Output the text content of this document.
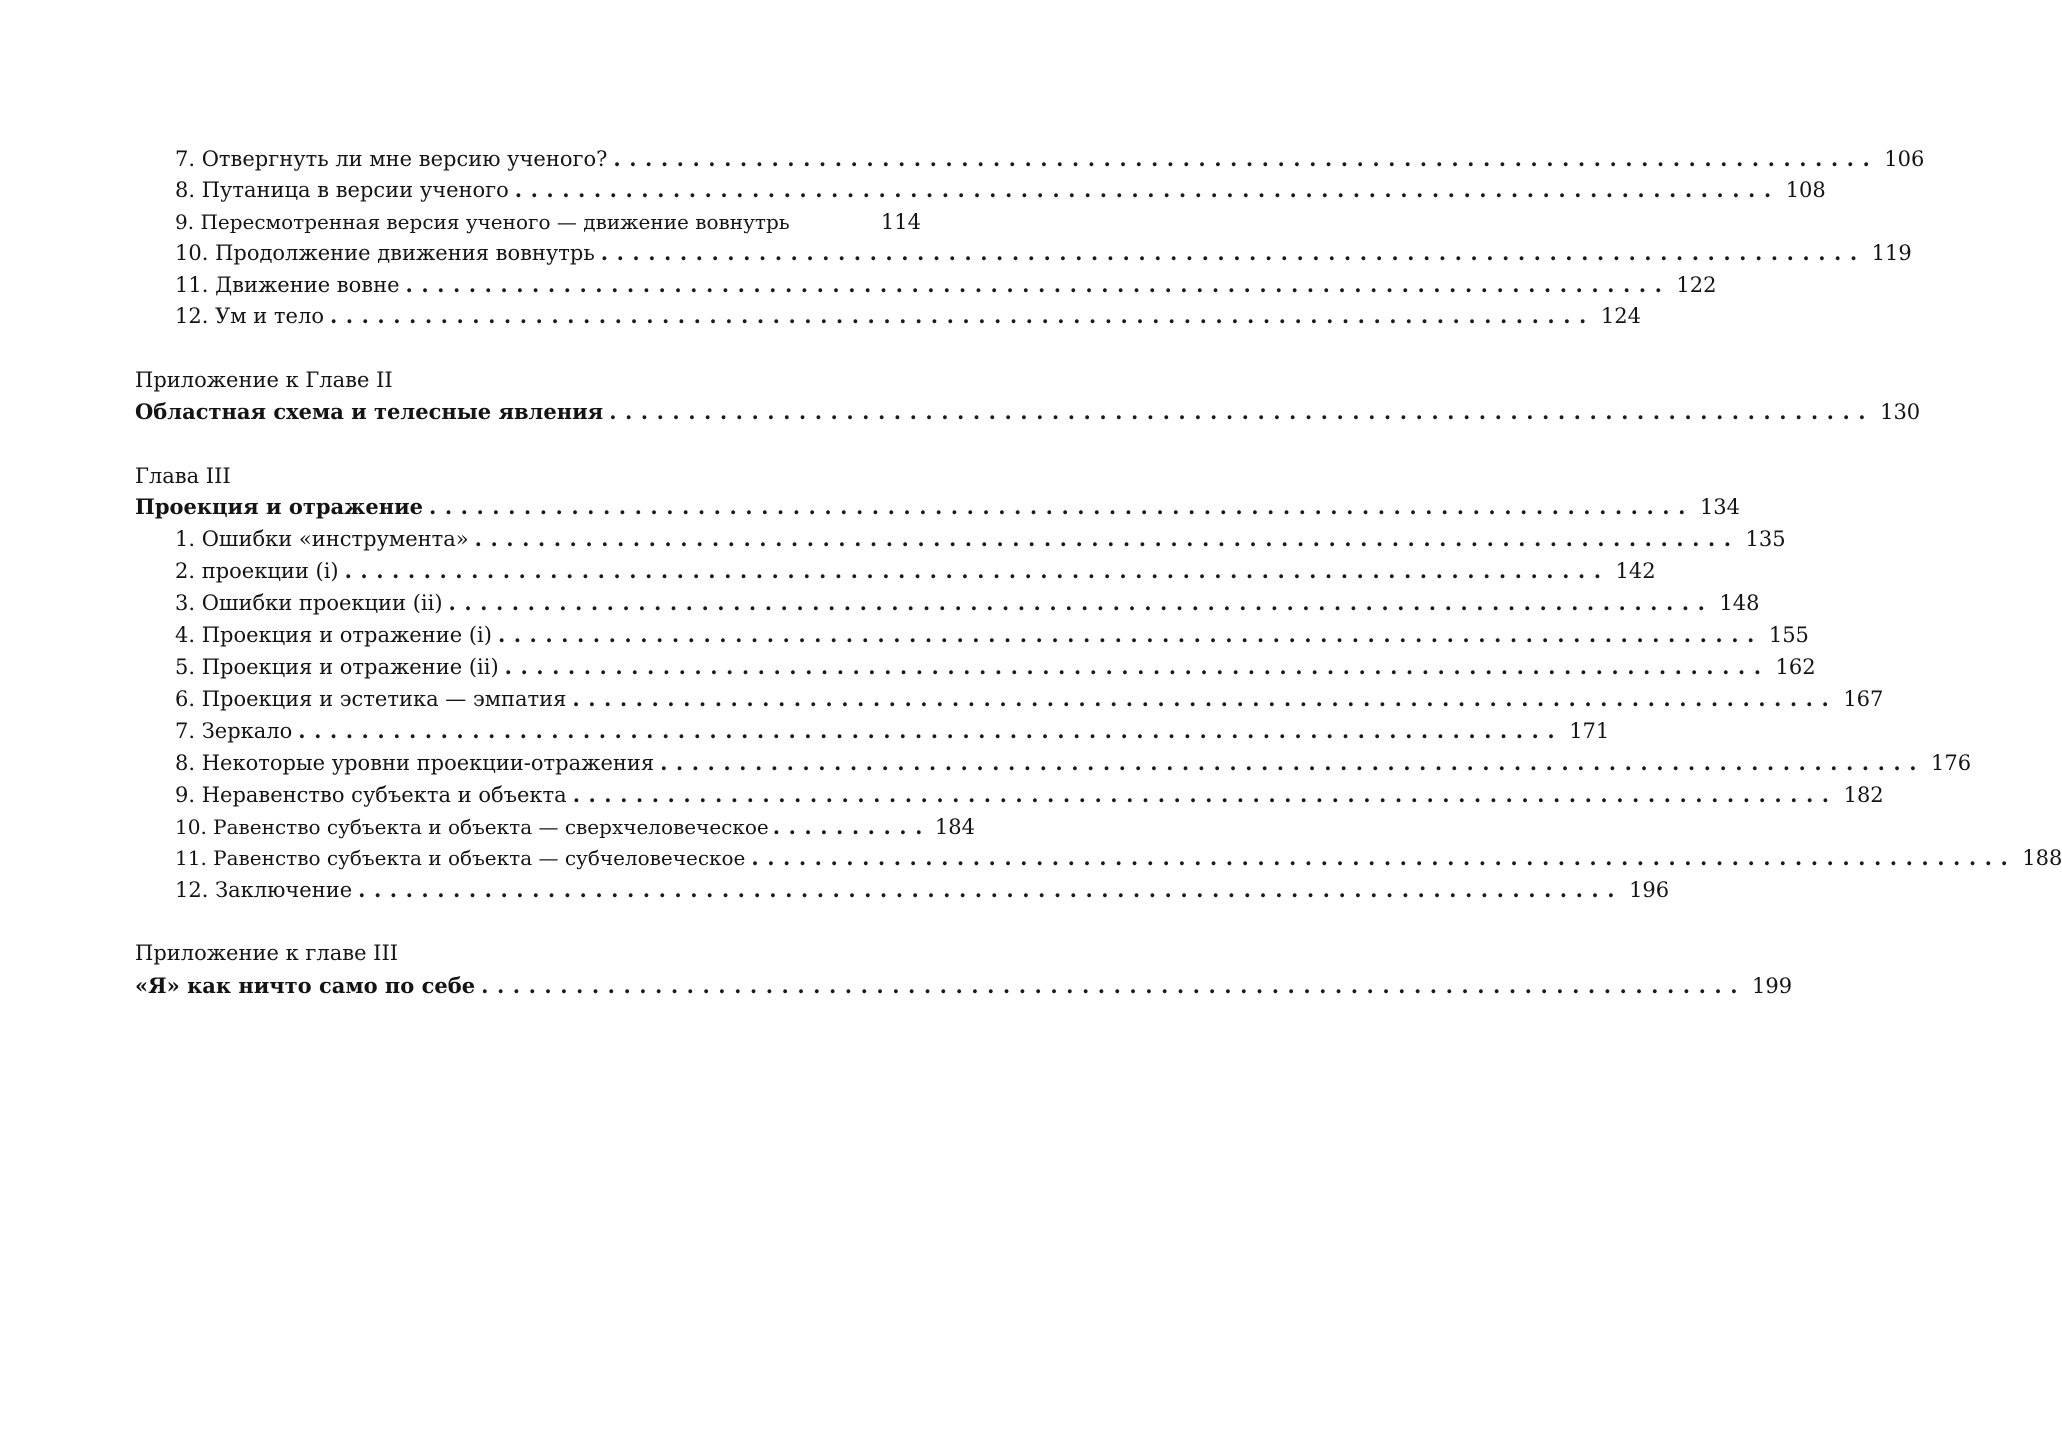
7. Отвергнуть ли мне версию ученого? ................................................................................ 106
8. Путаница в версии ученого ................................................................................ 108
9. Пересмотренная версия ученого — движение вовнутрь	114
10. Продолжение движения вовнутрь ................................................................................ 119
11. Движение вовне ................................................................................ 122
12. Ум и тело ................................................................................ 124
Приложение к Главе II
Областная схема и телесные явления ................................................................................ 130
Глава III
Проекция и отражение ................................................................................ 134
1. Ошибки «инструмента» ................................................................................ 135
2. проекции (i) ................................................................................ 142
3. Ошибки проекции (ii) ................................................................................ 148
4. Проекция и отражение (i) ................................................................................ 155
5. Проекция и отражение (ii) ................................................................................ 162
6. Проекция и эстетика — эмпатия ................................................................................ 167
7. Зеркало ................................................................................ 171
8. Некоторые уровни проекции-отражения ................................................................................ 176
9. Неравенство субъекта и объекта ................................................................................ 182
10. Равенство субъекта и объекта — сверхчеловеческое .......... 184
11. Равенство субъекта и объекта — субчеловеческое ................................................................................ 188
12. Заключение ................................................................................ 196
Приложение к главе III
«Я» как ничто само по себе ................................................................................ 199
